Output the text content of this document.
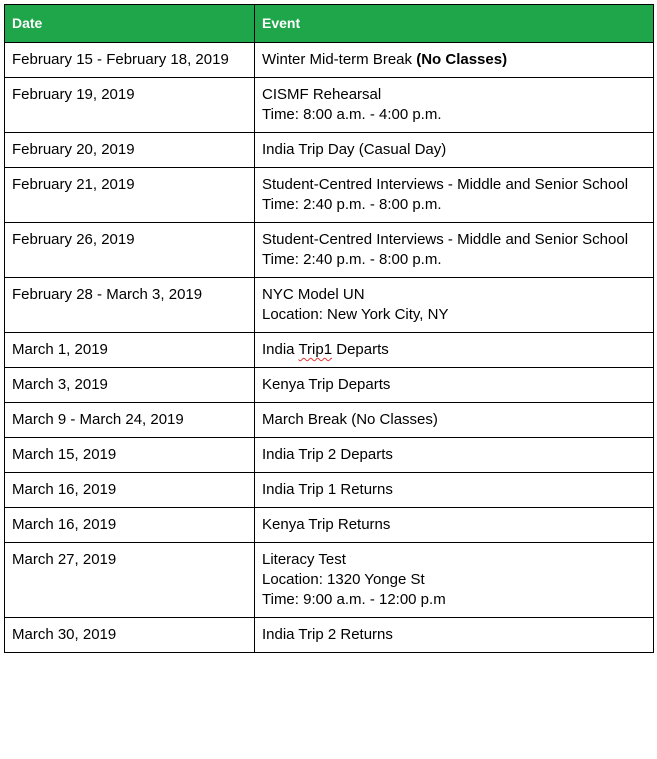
Date	Event
February 15 - February 18, 2019	Winter Mid-term Break (No Classes)
February 19, 2019	CISMF Rehearsal
Time: 8:00 a.m. - 4:00 p.m.

February 20, 2019	India Trip Day (Casual Day)

February 21, 2019	Student-Centred Interviews - Middle and Senior School
Time: 2:40 p.m. - 8:00 p.m.

February 26, 2019	Student-Centred Interviews - Middle and Senior School
Time: 2:40 p.m. - 8:00 p.m.

February 28 - March 3, 2019	NYC Model UN
Location: New York City, NY

March 1, 2019	India Trip1 Departs
March 3, 2019	Kenya Trip Departs

March 9 - March 24, 2019	March Break (No Classes)

March 15, 2019	India Trip 2 Departs

March 16, 2019	India Trip 1 Returns

March 16, 2019	Kenya Trip Returns

March 27, 2019	Literacy Test
Location: 1320 Yonge St
Time: 9:00 a.m. - 12:00 p.m

March 30, 2019	India Trip 2 Returns
